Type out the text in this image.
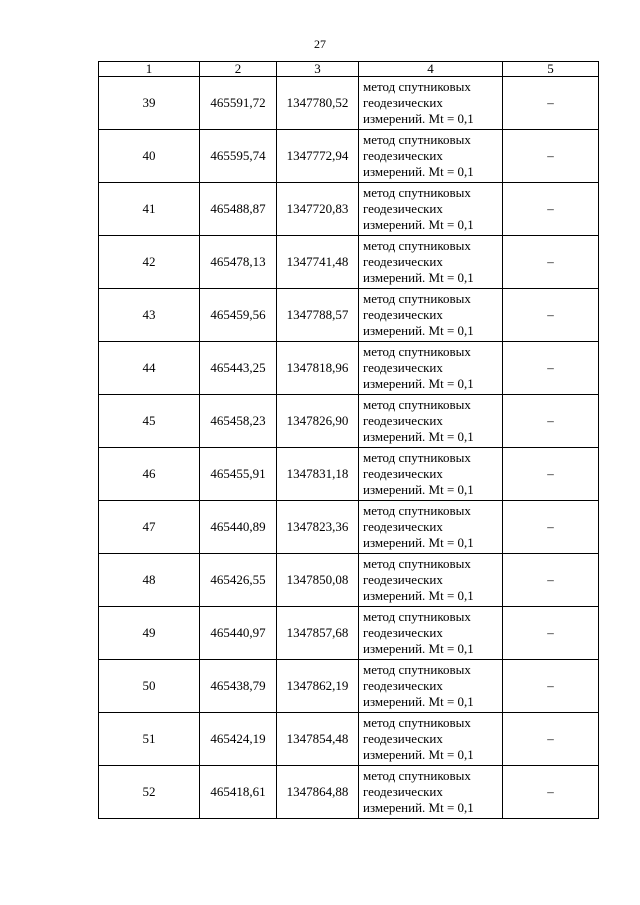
27
1	2	3	4	5
39	465591,72	1347780,52	метод спутниковых
геодезических
измерений. Mt = 0,1	–
40	465595,74	1347772,94	метод спутниковых
геодезических
измерений. Mt = 0,1	–
41	465488,87	1347720,83	метод спутниковых
геодезических
измерений. Mt = 0,1	–
42	465478,13	1347741,48	метод спутниковых
геодезических
измерений. Mt = 0,1	–
43	465459,56	1347788,57	метод спутниковых
геодезических
измерений. Mt = 0,1	–
44	465443,25	1347818,96	метод спутниковых
геодезических
измерений. Mt = 0,1	–
45	465458,23	1347826,90	метод спутниковых
геодезических
измерений. Mt = 0,1	–
46	465455,91	1347831,18	метод спутниковых
геодезических
измерений. Mt = 0,1	–
47	465440,89	1347823,36	метод спутниковых
геодезических
измерений. Mt = 0,1	–
48	465426,55	1347850,08	метод спутниковых
геодезических
измерений. Mt = 0,1	–
49	465440,97	1347857,68	метод спутниковых
геодезических
измерений. Mt = 0,1	–
50	465438,79	1347862,19	метод спутниковых
геодезических
измерений. Mt = 0,1	–
51	465424,19	1347854,48	метод спутниковых
геодезических
измерений. Mt = 0,1	–
52	465418,61	1347864,88	метод спутниковых
геодезических
измерений. Mt = 0,1	–
